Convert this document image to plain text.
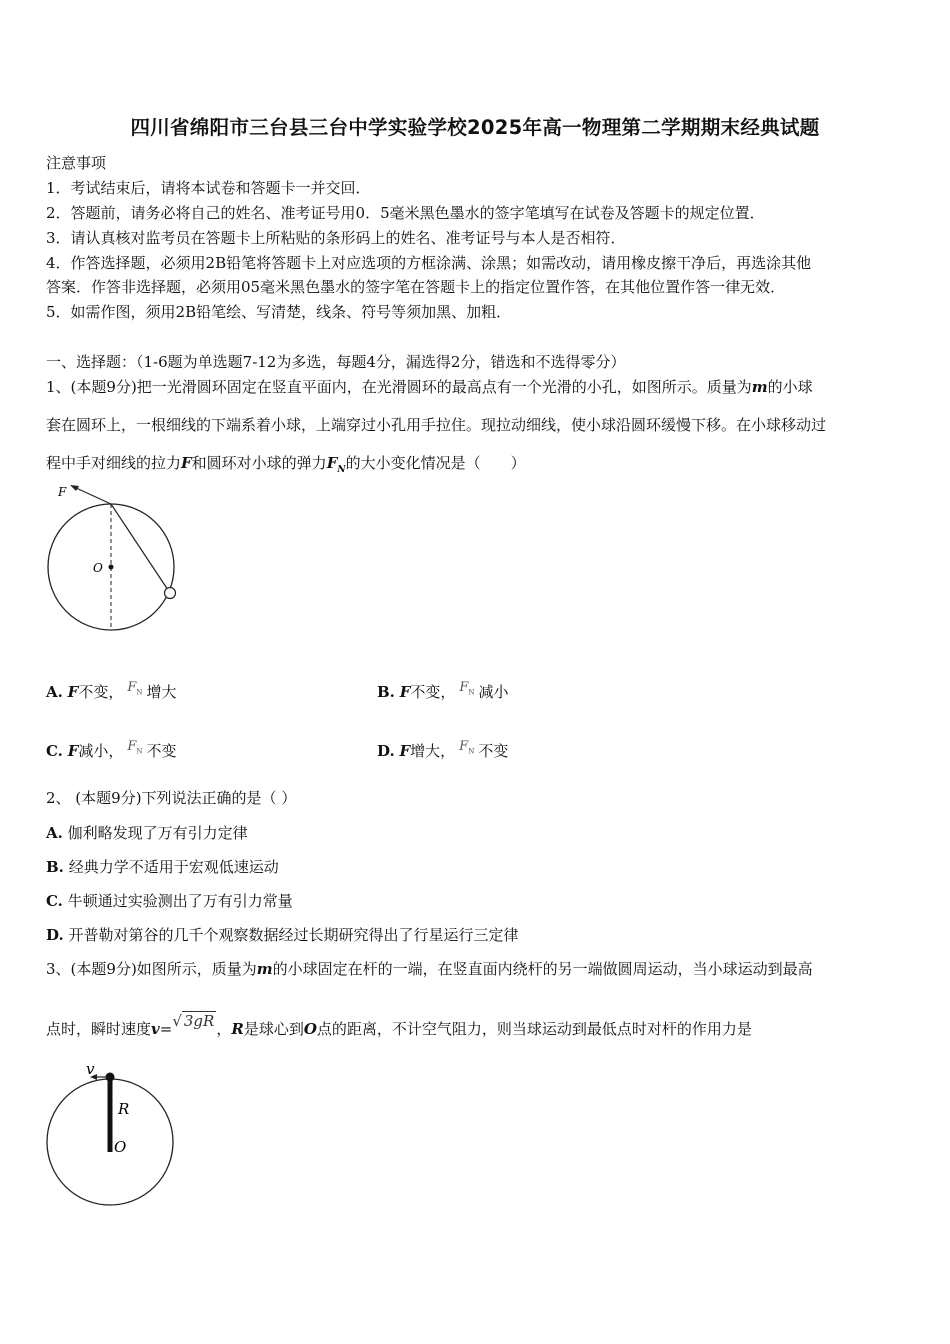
四川省绵阳市三台县三台中学实验学校2025年高一物理第二学期期末经典试题
注意事项
1．考试结束后，请将本试卷和答题卡一并交回．
2．答题前，请务必将自己的姓名、准考证号用0．5毫米黑色墨水的签字笔填写在试卷及答题卡的规定位置．
3．请认真核对监考员在答题卡上所粘贴的条形码上的姓名、准考证号与本人是否相符．
4．作答选择题，必须用2B铅笔将答题卡上对应选项的方框涂满、涂黑；如需改动，请用橡皮擦干净后，再选涂其他
答案．作答非选择题，必须用05毫米黑色墨水的签字笔在答题卡上的指定位置作答，在其他位置作答一律无效．
5．如需作图，须用2B铅笔绘、写清楚，线条、符号等须加黑、加粗．
一、选择题：（1-6题为单选题7-12为多选，每题4分，漏选得2分，错选和不选得零分）
1、(本题9分)把一光滑圆环固定在竖直平面内，在光滑圆环的最高点有一个光滑的小孔，如图所示。质量为m的小球
套在圆环上，一根细线的下端系着小球，上端穿过小孔用手拉住。现拉动细线，使小球沿圆环缓慢下移。在小球移动过
程中手对细线的拉力F和圆环对小球的弹力$F_N$的大小变化情况是（　　）
F
O
A. F不变， $F_N$ 增大	B. F不变， $F_N$ 减小
C. F减小， $F_N$ 不变	D. F增大， $F_N$ 不变
2、 (本题9分)下列说法正确的是（ ）
A. 伽利略发现了万有引力定律
B. 经典力学不适用于宏观低速运动
C. 牛顿通过实验测出了万有引力常量
D. 开普勒对第谷的几千个观察数据经过长期研究得出了行星运行三定律
3、(本题9分)如图所示，质量为m的小球固定在杆的一端，在竖直面内绕杆的另一端做圆周运动，当小球运动到最高
点时，瞬时速度v=√ 3gR ，R是球心到O点的距离，不计空气阻力，则当球运动到最低点时对杆的作用力是
v
R
O
